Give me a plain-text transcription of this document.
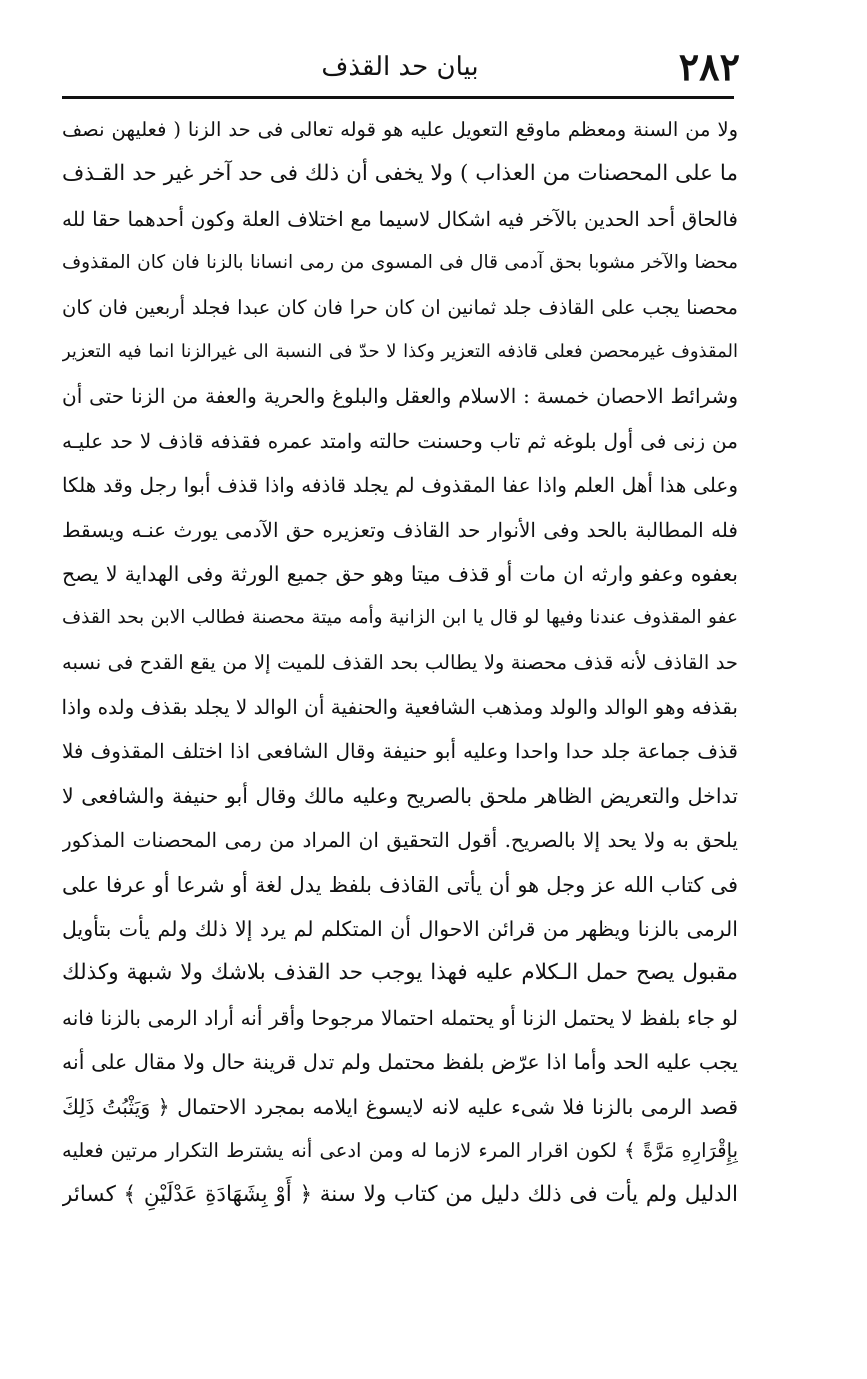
٢٨٢
بيان حد القذف
ولا من السنة ومعظم ماوقع التعويل عليه هو قوله تعالى فى حد الزنا ( فعليهن نصف
ما على المحصنات من العذاب ) ولا يخفى أن ذلك فى حد آخر غير حد القـذف
فالحاق أحد الحدين بالآخر فيه اشكال لاسيما مع اختلاف العلة وكون أحدهما حقا لله
محضا والآخر مشوبا بحق آدمى قال فى المسوى من رمى انسانا بالزنا فان كان المقذوف
محصنا يجب على القاذف جلد ثمانين ان كان حرا فان كان عبدا فجلد أربعين فان كان
المقذوف غيرمحصن فعلى قاذفه التعزير وكذا لا حدّ فى النسبة الى غيرالزنا انما فيه التعزير
وشرائط الاحصان خمسة : الاسلام والعقل والبلوغ والحرية والعفة من الزنا حتى أن
من زنى فى أول بلوغه ثم تاب وحسنت حالته وامتد عمره فقذفه قاذف لا حد عليـه
وعلى هذا أهل العلم واذا عفا المقذوف لم يجلد قاذفه واذا قذف أبوا رجل وقد هلكا
فله المطالبة بالحد وفى الأنوار حد القاذف وتعزيره حق الآدمى يورث عنـه ويسقط
بعفوه وعفو وارثه ان مات أو قذف ميتا وهو حق جميع الورثة وفى الهداية لا يصح
عفو المقذوف عندنا وفيها لو قال يا ابن الزانية وأمه ميتة محصنة فطالب الابن بحد القذف
حد القاذف لأنه قذف محصنة ولا يطالب بحد القذف للميت إلا من يقع القدح فى نسبه
بقذفه وهو الوالد والولد ومذهب الشافعية والحنفية أن الوالد لا يجلد بقذف ولده واذا
قذف جماعة جلد حدا واحدا وعليه أبو حنيفة وقال الشافعى اذا اختلف المقذوف فلا
تداخل والتعريض الظاهر ملحق بالصريح وعليه مالك وقال أبو حنيفة والشافعى لا
يلحق به ولا يحد إلا بالصريح. أقول التحقيق ان المراد من رمى المحصنات المذكور
فى كتاب الله عز وجل هو أن يأتى القاذف بلفظ يدل لغة أو شرعا أو عرفا على
الرمى بالزنا ويظهر من قرائن الاحوال أن المتكلم لم يرد إلا ذلك ولم يأت بتأويل
مقبول يصح حمل الـكلام عليه فهذا يوجب حد القذف بلاشك ولا شبهة وكذلك
لو جاء بلفظ لا يحتمل الزنا أو يحتمله احتمالا مرجوحا وأقر أنه أراد الرمى بالزنا فانه
يجب عليه الحد وأما اذا عرّض بلفظ محتمل ولم تدل قرينة حال ولا مقال على أنه
قصد الرمى بالزنا فلا شىء عليه لانه لايسوغ ايلامه بمجرد الاحتمال ﴿ وَيَثْبُتُ ذَلِكَ
بِإِقْرَارِهِ مَرَّةً ﴾ لكون اقرار المرء لازما له ومن ادعى أنه يشترط التكرار مرتين فعليه
الدليل ولم يأت فى ذلك دليل من كتاب ولا سنة ﴿ أَوْ بِشَهَادَةِ عَدْلَيْنِ ﴾ كسائر
